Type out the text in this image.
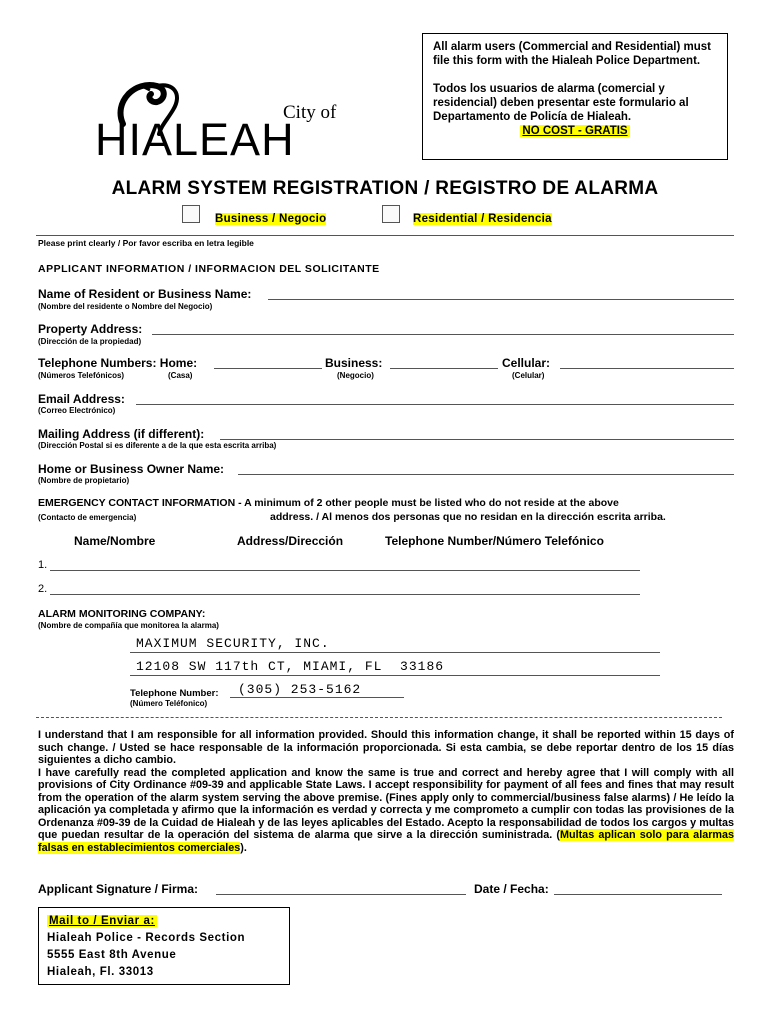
City of
HIALEAH

All alarm users (Commercial and Residential) must file this form with the Hialeah Police Department.

Todos los usuarios de alarma (comercial y residencial) deben presentar este formulario al Departamento de Policía de Hialeah.

NO COST - GRATIS

ALARM SYSTEM REGISTRATION / REGISTRO DE ALARMA
Business / Negocio	Residential / Residencia
Please print clearly / Por favor escriba en letra legible
APPLICANT INFORMATION / INFORMACION DEL SOLICITANTE
Name of Resident or Business Name:
(Nombre del residente o Nombre del Negocio)
Property Address:
(Dirección de la propiedad)
Telephone Numbers: Home:	Business:	Cellular:
(Números Telefónicos)	(Casa)	(Negocio)	(Celular)
Email Address:
(Correo Electrónico)
Mailing Address (if different):
(Dirección Postal si es diferente a de la que esta escrita arriba)
Home or Business Owner Name:
(Nombre de propietario)
EMERGENCY CONTACT INFORMATION - A minimum of 2 other people must be listed who do not reside at the above
(Contacto de emergencia)	address. / Al menos dos personas que no residan en la dirección escrita arriba.
Name/Nombre	Address/Dirección	Telephone Number/Número Telefónico
1.
2.
ALARM MONITORING COMPANY:
(Nombre de compañía que monitorea la alarma)
MAXIMUM SECURITY, INC.
12108 SW 117th CT, MIAMI, FL  33186
Telephone Number: (305) 253-5162
(Número Teléfonico)

I understand that I am responsible for all information provided. Should this information change, it shall be reported within 15 days of such change. / Usted se hace responsable de la información proporcionada. Si esta cambia, se debe reportar dentro de los 15 días siguientes a dicho cambio.

I have carefully read the completed application and know the same is true and correct and hereby agree that I will comply with all provisions of City Ordinance #09-39 and applicable State Laws. I accept responsibility for payment of all fees and fines that may result from the operation of the alarm system serving the above premise. (Fines apply only to commercial/business false alarms) / He leído la aplicación ya completada y afirmo que la información es verdad y correcta y me comprometo a cumplir con todas las provisiones de la Ordenanza #09-39 de la Cuidad de Hialeah y de las leyes aplicables del Estado. Acepto la responsabilidad de todos los cargos y multas que puedan resultar de la operación del sistema de alarma que sirve a la dirección suministrada. (Multas aplican solo para alarmas falsas en establecimientos comerciales).

Applicant Signature / Firma:	Date / Fecha:
Mail to / Enviar a:
Hialeah Police - Records Section
5555 East 8th Avenue
Hialeah, Fl. 33013
